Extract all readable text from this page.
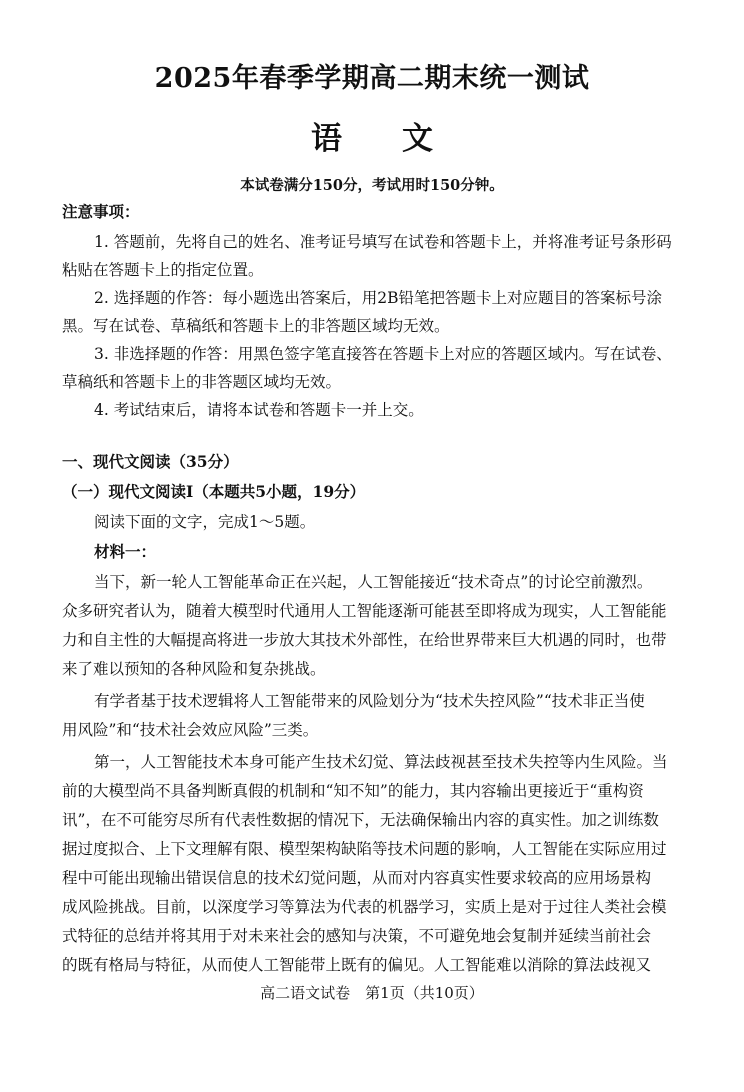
2025年春季学期高二期末统一测试
语 文
本试卷满分150分，考试用时150分钟。
注意事项：
1. 答题前，先将自己的姓名、准考证号填写在试卷和答题卡上，并将准考证号条形码
粘贴在答题卡上的指定位置。
2. 选择题的作答：每小题选出答案后，用2B铅笔把答题卡上对应题目的答案标号涂
黑。写在试卷、草稿纸和答题卡上的非答题区域均无效。
3. 非选择题的作答：用黑色签字笔直接答在答题卡上对应的答题区域内。写在试卷、
草稿纸和答题卡上的非答题区域均无效。
4. 考试结束后，请将本试卷和答题卡一并上交。
一、现代文阅读（35分）
（一）现代文阅读Ⅰ（本题共5小题，19分）
阅读下面的文字，完成1～5题。
材料一：
当下，新一轮人工智能革命正在兴起，人工智能接近“技术奇点”的讨论空前激烈。
众多研究者认为，随着大模型时代通用人工智能逐渐可能甚至即将成为现实，人工智能能
力和自主性的大幅提高将进一步放大其技术外部性，在给世界带来巨大机遇的同时，也带
来了难以预知的各种风险和复杂挑战。
有学者基于技术逻辑将人工智能带来的风险划分为“技术失控风险”“技术非正当使
用风险”和“技术社会效应风险”三类。
第一，人工智能技术本身可能产生技术幻觉、算法歧视甚至技术失控等内生风险。当
前的大模型尚不具备判断真假的机制和“知不知”的能力，其内容输出更接近于“重构资
讯”，在不可能穷尽所有代表性数据的情况下，无法确保输出内容的真实性。加之训练数
据过度拟合、上下文理解有限、模型架构缺陷等技术问题的影响，人工智能在实际应用过
程中可能出现输出错误信息的技术幻觉问题，从而对内容真实性要求较高的应用场景构
成风险挑战。目前，以深度学习等算法为代表的机器学习，实质上是对于过往人类社会模
式特征的总结并将其用于对未来社会的感知与决策，不可避免地会复制并延续当前社会
的既有格局与特征，从而使人工智能带上既有的偏见。人工智能难以消除的算法歧视又
高二语文试卷　第1页（共10页）
